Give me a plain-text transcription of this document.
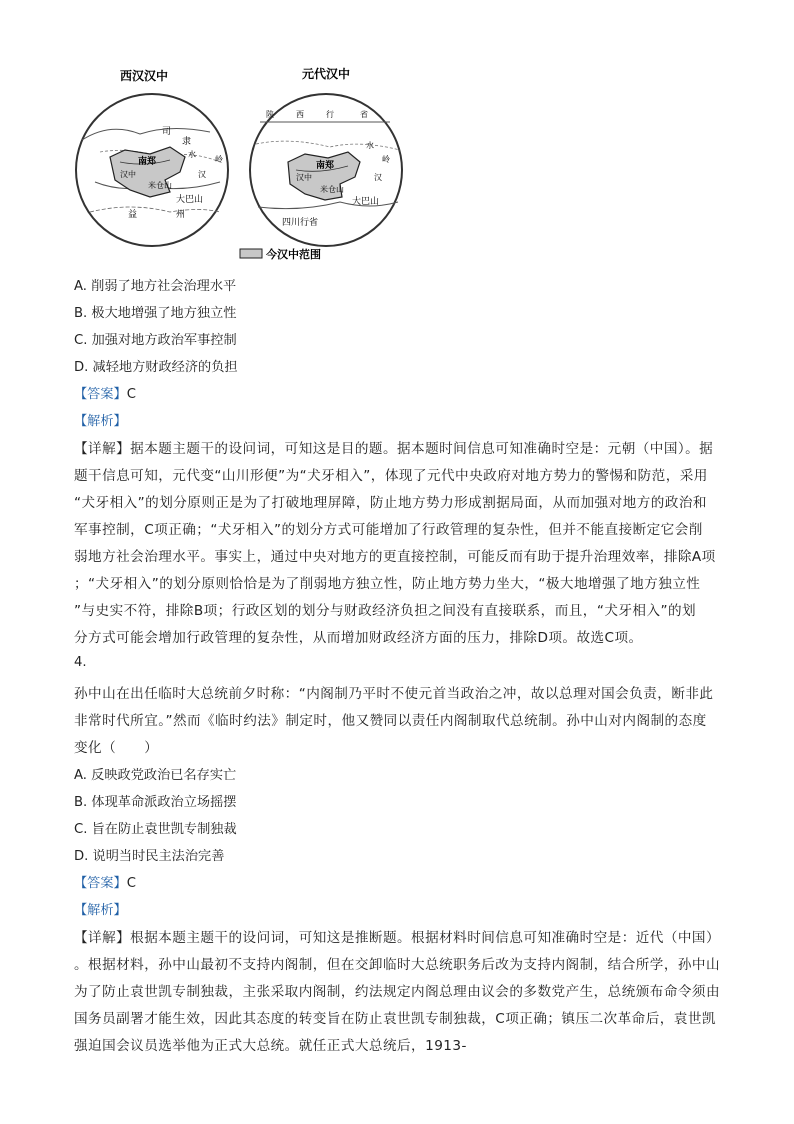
司
隶
南郑
汉中
米仓山
大巴山
益	州
汉
水
岭
西汉汉中
陕	西	行	省
南郑
汉中
米仓山
大巴山
四川行省
岭
汉
水
元代汉中
今汉中范围
A. 削弱了地方社会治理水平
B. 极大地增强了地方独立性
C. 加强对地方政治军事控制
D. 减轻地方财政经济的负担
【答案】C
【解析】
【详解】据本题主题干的设问词，可知这是目的题。据本题时间信息可知准确时空是：元朝（中国）。据
题干信息可知，元代变“山川形便”为“犬牙相入”，体现了元代中央政府对地方势力的警惕和防范，采用
“犬牙相入”的划分原则正是为了打破地理屏障，防止地方势力形成割据局面，从而加强对地方的政治和
军事控制，C项正确；“犬牙相入”的划分方式可能增加了行政管理的复杂性，但并不能直接断定它会削
弱地方社会治理水平。事实上，通过中央对地方的更直接控制，可能反而有助于提升治理效率，排除A项
；“犬牙相入”的划分原则恰恰是为了削弱地方独立性，防止地方势力坐大，“极大地增强了地方独立性
”与史实不符，排除B项；行政区划的划分与财政经济负担之间没有直接联系，而且，“犬牙相入”的划
分方式可能会增加行政管理的复杂性，从而增加财政经济方面的压力，排除D项。故选C项。
4.
孙中山在出任临时大总统前夕时称：“内阁制乃平时不使元首当政治之冲，故以总理对国会负责，断非此
非常时代所宜。”然而《临时约法》制定时，他又赞同以责任内阁制取代总统制。孙中山对内阁制的态度
变化（　　）
A. 反映政党政治已名存实亡
B. 体现革命派政治立场摇摆
C. 旨在防止袁世凯专制独裁
D. 说明当时民主法治完善
【答案】C
【解析】
【详解】根据本题主题干的设问词，可知这是推断题。根据材料时间信息可知准确时空是：近代（中国）
。根据材料，孙中山最初不支持内阁制，但在交卸临时大总统职务后改为支持内阁制，结合所学，孙中山
为了防止袁世凯专制独裁，主张采取内阁制，约法规定内阁总理由议会的多数党产生，总统颁布命令须由
国务员副署才能生效，因此其态度的转变旨在防止袁世凯专制独裁，C项正确；镇压二次革命后，袁世凯
强迫国会议员选举他为正式大总统。就任正式大总统后，1913-
